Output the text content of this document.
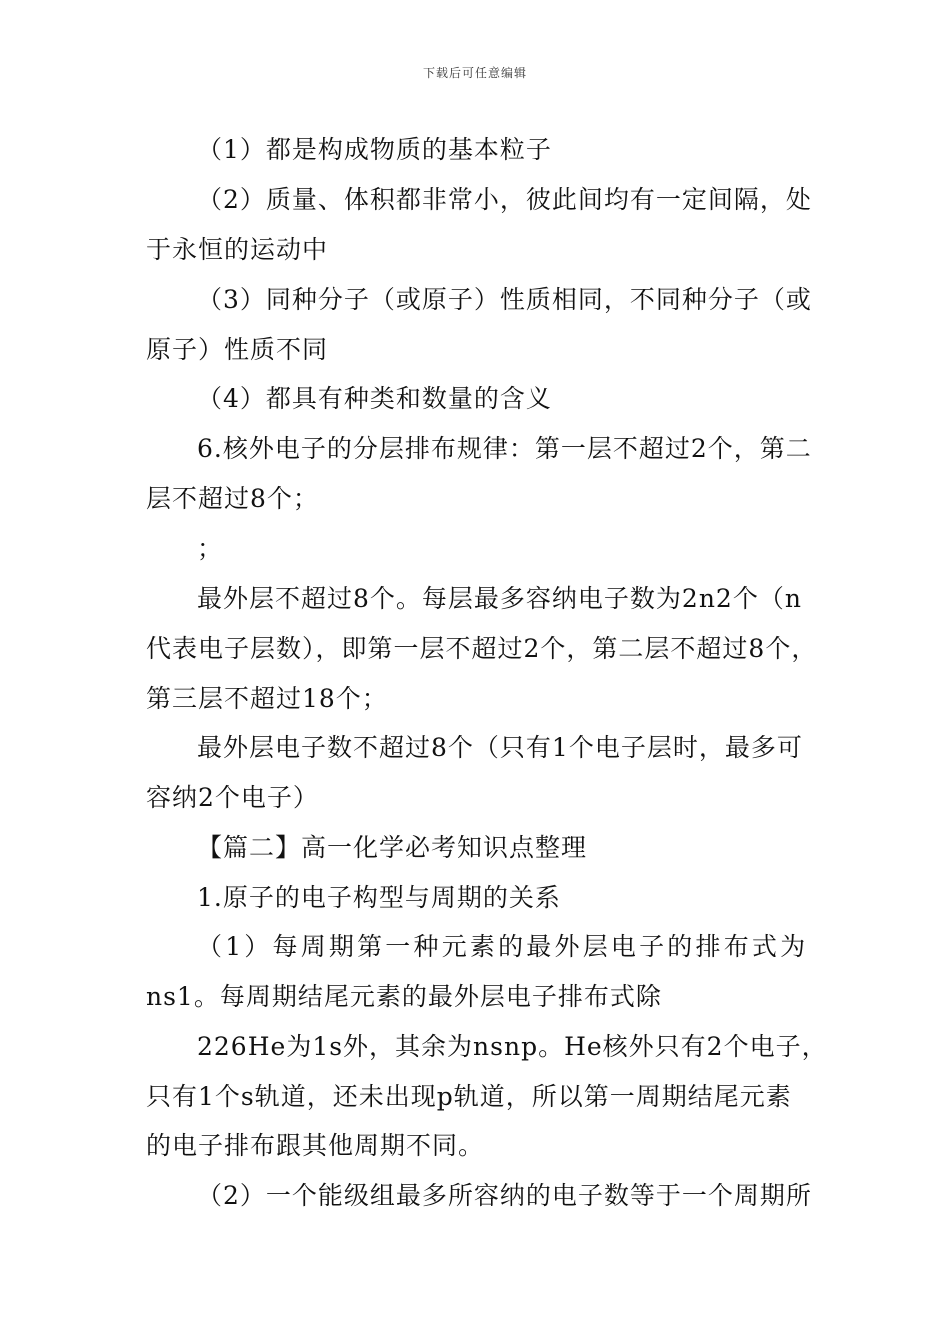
下载后可任意编辑
（1）都是构成物质的基本粒子
（2）质量、体积都非常小，彼此间均有一定间隔，处
于永恒的运动中
（3）同种分子（或原子）性质相同，不同种分子（或
原子）性质不同
（4）都具有种类和数量的含义
6.核外电子的分层排布规律：第一层不超过2个，第二
层不超过8个；
；
最外层不超过8个。每层最多容纳电子数为2n2个（n
代表电子层数），即第一层不超过2个，第二层不超过8个，
第三层不超过18个；
最外层电子数不超过8个（只有1个电子层时，最多可
容纳2个电子）
【篇二】高一化学必考知识点整理
1.原子的电子构型与周期的关系
（1）每周期第一种元素的最外层电子的排布式为
ns1。每周期结尾元素的最外层电子排布式除
226He为1s外，其余为nsnp。He核外只有2个电子，
只有1个s轨道，还未出现p轨道，所以第一周期结尾元素
的电子排布跟其他周期不同。
（2）一个能级组最多所容纳的电子数等于一个周期所
